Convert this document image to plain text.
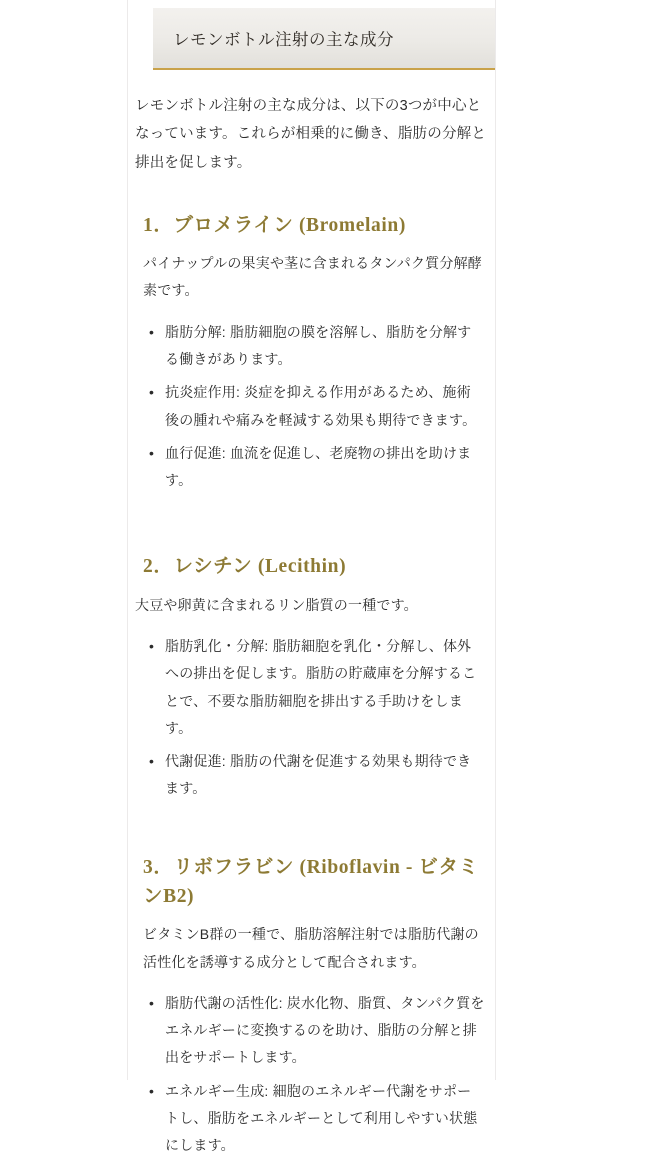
レモンボトル注射の主な成分

レモンボトル注射の主な成分は、以下の3つが中心となっています。これらが相乗的に働き、脂肪の分解と排出を促します。

1．ブロメライン (Bromelain)

パイナップルの果実や茎に含まれるタンパク質分解酵素です。

• 脂肪分解: 脂肪細胞の膜を溶解し、脂肪を分解する働きがあります。
• 抗炎症作用: 炎症を抑える作用があるため、施術後の腫れや痛みを軽減する効果も期待できます。
• 血行促進: 血流を促進し、老廃物の排出を助けます。
2．レシチン (Lecithin)

大豆や卵黄に含まれるリン脂質の一種です。

• 脂肪乳化・分解: 脂肪細胞を乳化・分解し、体外への排出を促します。脂肪の貯蔵庫を分解することで、不要な脂肪細胞を排出する手助けをします。
• 代謝促進: 脂肪の代謝を促進する効果も期待できます。
3．リボフラビン (Riboflavin - ビタミンB2)

ビタミンB群の一種で、脂肪溶解注射では脂肪代謝の活性化を誘導する成分として配合されます。

• 脂肪代謝の活性化: 炭水化物、脂質、タンパク質をエネルギーに変換するのを助け、脂肪の分解と排出をサポートします。
• エネルギー生成: 細胞のエネルギー代謝をサポートし、脂肪をエネルギーとして利用しやすい状態にします。
